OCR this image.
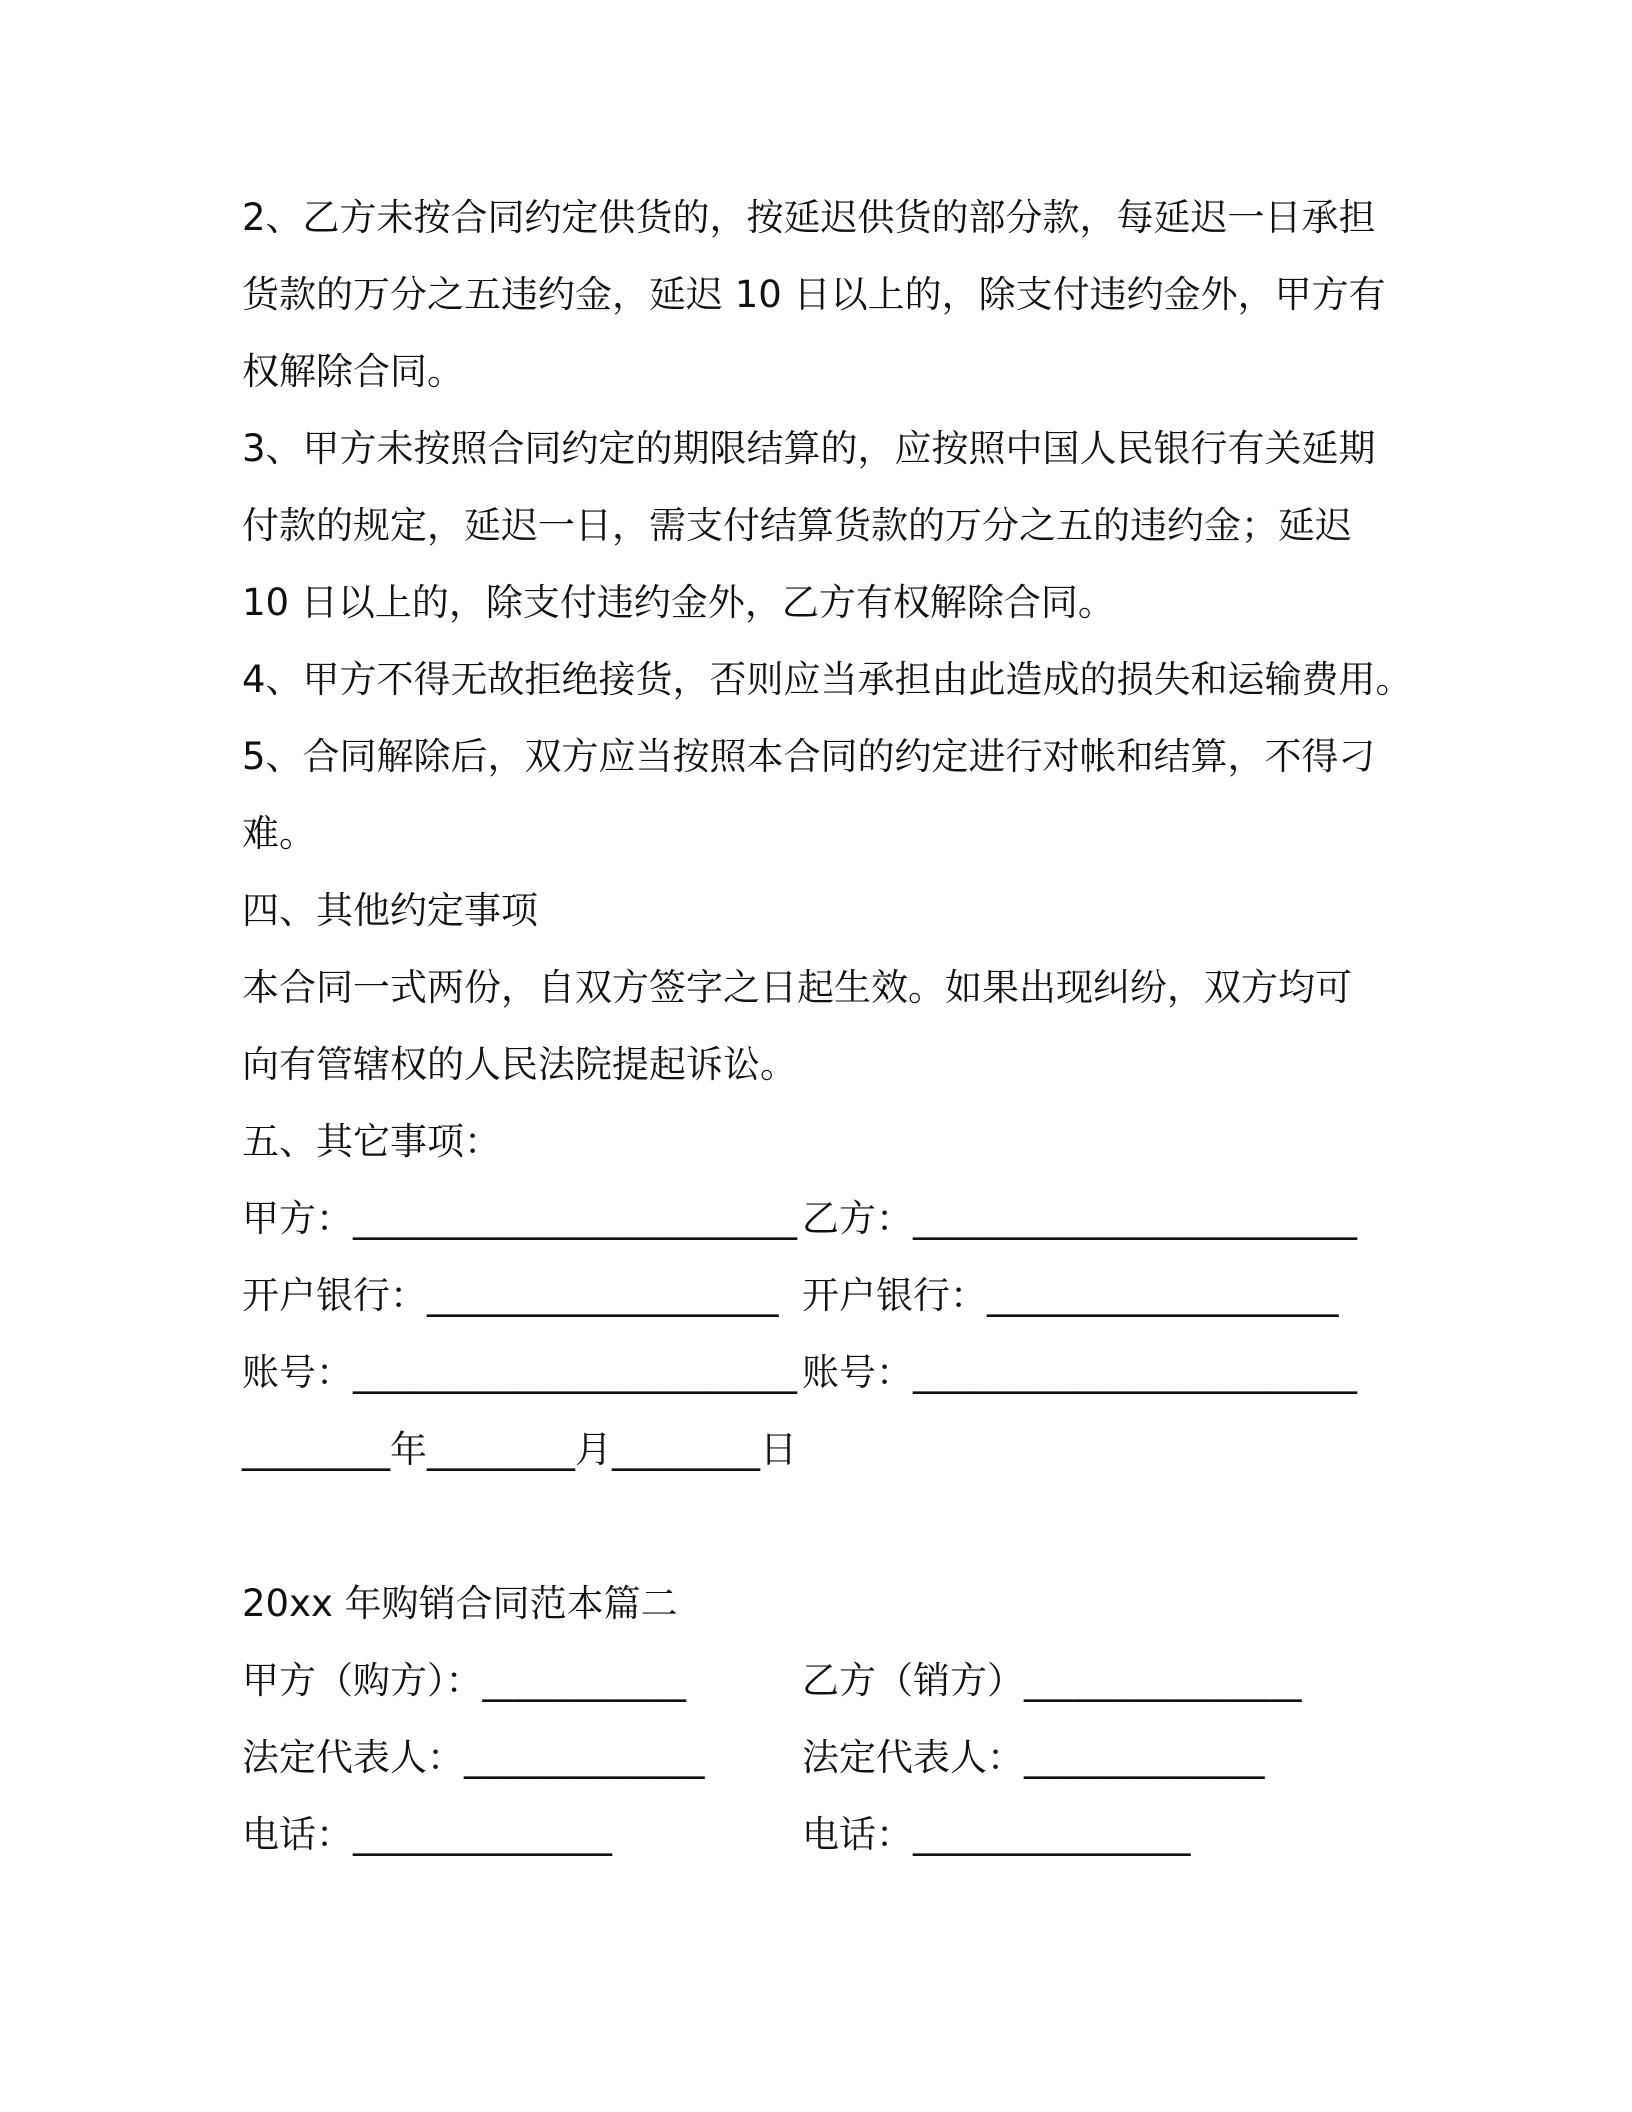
2、乙方未按合同约定供货的，按延迟供货的部分款，每延迟一日承担
货款的万分之五违约金，延迟 10 日以上的，除支付违约金外，甲方有
权解除合同。
3、甲方未按照合同约定的期限结算的，应按照中国人民银行有关延期
付款的规定，延迟一日，需支付结算货款的万分之五的违约金；延迟
10 日以上的，除支付违约金外，乙方有权解除合同。
4、甲方不得无故拒绝接货，否则应当承担由此造成的损失和运输费用。
5、合同解除后，双方应当按照本合同的约定进行对帐和结算，不得刁
难。
四、其他约定事项
本合同一式两份，自双方签字之日起生效。如果出现纠纷，双方均可
向有管辖权的人民法院提起诉讼。
五、其它事项：
甲方：________________________ 乙方：________________________
开户银行：___________________ 开户银行：___________________
账号：________________________ 账号：________________________
________年________月________日
20xx 年购销合同范本篇二
甲方（购方）：___________	乙方（销方）_______________
法定代表人：_____________	法定代表人：_____________
电话：______________	电话：_______________
